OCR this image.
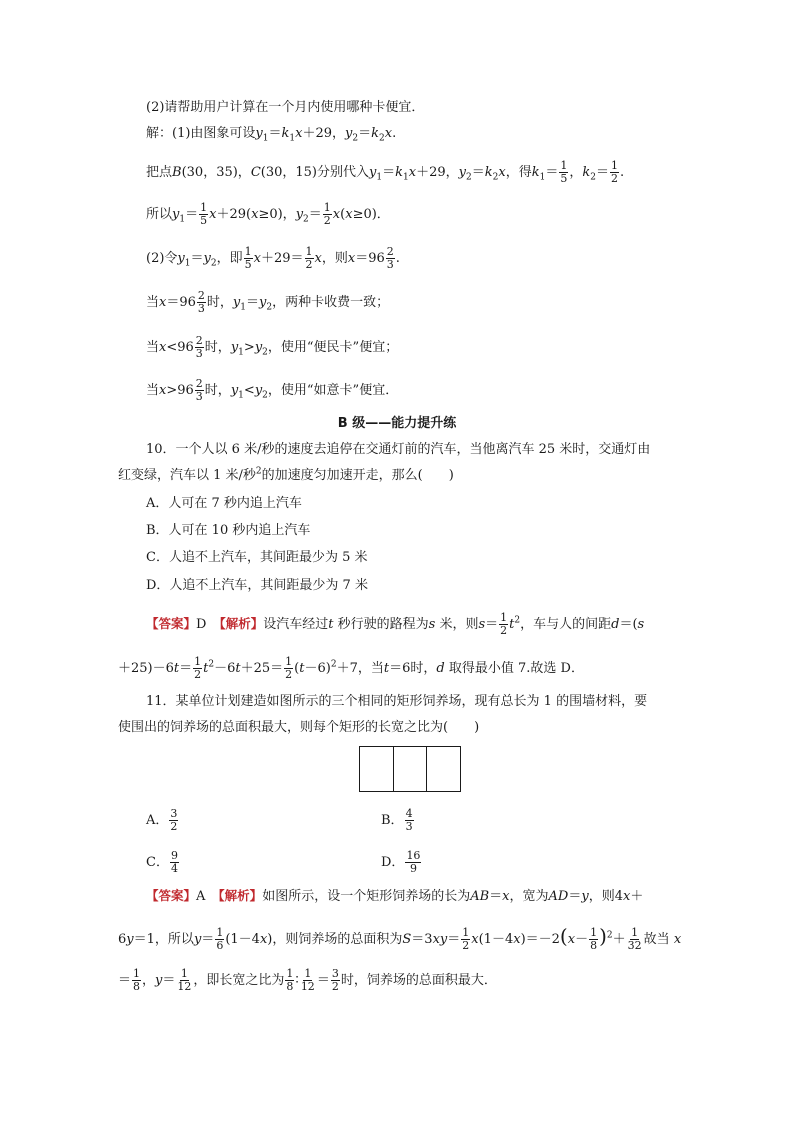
(2)请帮助用户计算在一个月内使用哪种卡便宜．
解：(1)由图象可设$y_1=k_1x+29$，$y_2=k_2x$.
把点B(30，35)，C(30，15)分别代入$y_1=k_1x+29$，$y_2=k_2x$，得$k_1= \frac{1}{5}$ ，$k_2= \frac{1}{2}$ .
所以$y_1= \frac{1}{5} x+29(x\ge 0)$，$y_2= \frac{1}{2} x(x\ge 0)$．
(2)令$y_1=y_2$，即 $\frac{1}{5} x+29= \frac{1}{2}$ x，则$x=96 \frac{2}{3}$ .
当$x=96 \frac{2}{3}$ 时，$y_1=y_2$，两种卡收费一致；
当$x<96 \frac{2}{3}$ 时，$y_1>y_2$，使用“便民卡”便宜；
当$x>96 \frac{2}{3}$ 时，$y_1<y_2$，使用“如意卡”便宜．
B 级——能力提升练
10．一个人以 6 米/秒的速度去追停在交通灯前的汽车，当他离汽车 25 米时，交通灯由
红变绿，汽车以 1 米/秒$^2$的加速度匀加速开走，那么(　　)
A．人可在 7 秒内追上汽车
B．人可在 10 秒内追上汽车
C．人追不上汽车，其间距最少为 5 米
D．人追不上汽车，其间距最少为 7 米
【答案】D　 【解析】设汽车经过t 秒行驶的路程为s 米，则$s= \frac{1}{2} t^2$，车与人的间距d＝(s
$+25)-6t= \frac{1}{2} t^2-6t+25= \frac{1}{2} (t-6)^2+7$，当t＝6时，d 取得最小值 7.故选 D．
11．某单位计划建造如图所示的三个相同的矩形饲养场，现有总长为 1 的围墙材料，要
使围出的饲养场的总面积最大，则每个矩形的长宽之比为(　　)
A． $\frac{3}{2}$	B． $\frac{4}{3}$
C． $\frac{9}{4}$	D． $\frac{16}{9}$
【答案】A　 【解析】如图所示，设一个矩形饲养场的长为AB＝x，宽为AD＝y，则4x＋
6y＝1，所以$y= \frac{1}{6} (1-4x)$，则饲养场的总面积为$S=3xy= \frac{1}{2} x(1-4x)=-2(x- \frac{1}{8} )^2+ \frac{1}{32}$ 故当 x
＝ $\frac{1}{8}$ ，$y= \frac{1}{12}$ ，即长宽之比为 $\frac{1}{8}$ ∶ $\frac{1}{12} = \frac{3}{2}$ 时，饲养场的总面积最大．
